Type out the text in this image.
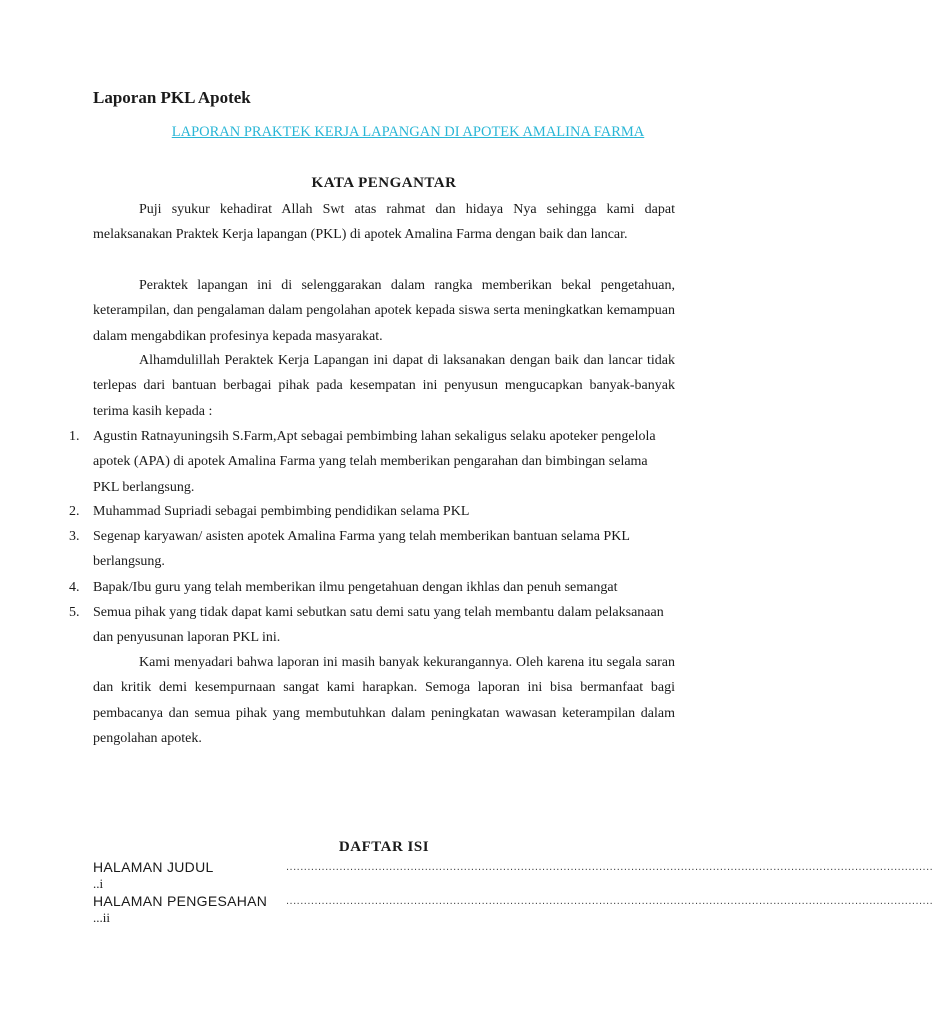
Laporan PKL Apotek

LAPORAN PRAKTEK KERJA LAPANGAN DI APOTEK AMALINA FARMA

KATA PENGANTAR

Puji syukur kehadirat Allah Swt atas rahmat dan hidaya Nya sehingga kami dapat melaksanakan Praktek Kerja lapangan (PKL) di apotek Amalina Farma dengan baik dan lancar.

Peraktek lapangan ini di selenggarakan dalam rangka memberikan bekal pengetahuan, keterampilan, dan pengalaman dalam pengolahan apotek kepada siswa serta meningkatkan kemampuan dalam mengabdikan profesinya kepada masyarakat.

Alhamdulillah Peraktek Kerja Lapangan ini dapat di laksanakan dengan baik dan lancar tidak terlepas dari bantuan berbagai pihak pada kesempatan ini penyusun mengucapkan banyak-banyak terima kasih kepada :

1. Agustin Ratnayuningsih S.Farm,Apt sebagai pembimbing lahan sekaligus selaku apoteker pengelola apotek (APA) di apotek Amalina Farma yang telah memberikan pengarahan dan bimbingan selama PKL berlangsung.
2. Muhammad Supriadi sebagai pembimbing pendidikan selama PKL
3. Segenap karyawan/ asisten apotek Amalina Farma yang telah memberikan bantuan selama PKL berlangsung.
4. Bapak/Ibu guru yang telah memberikan ilmu pengetahuan dengan ikhlas dan penuh semangat
5. Semua pihak yang tidak dapat kami sebutkan satu demi satu yang telah membantu dalam pelaksanaan dan penyusunan laporan PKL ini.

Kami menyadari bahwa laporan ini masih banyak kekurangannya. Oleh karena itu segala saran dan kritik demi kesempurnaan sangat kami harapkan. Semoga laporan ini bisa bermanfaat bagi pembacanya dan semua pihak yang membutuhkan dalam peningkatan wawasan keterampilan dalam pengolahan apotek.

DAFTAR ISI
HALAMAN JUDUL	......................................................................................................................................................................................
..i
HALAMAN PENGESAHAN ......................................................................................................................................................................................
...ii
